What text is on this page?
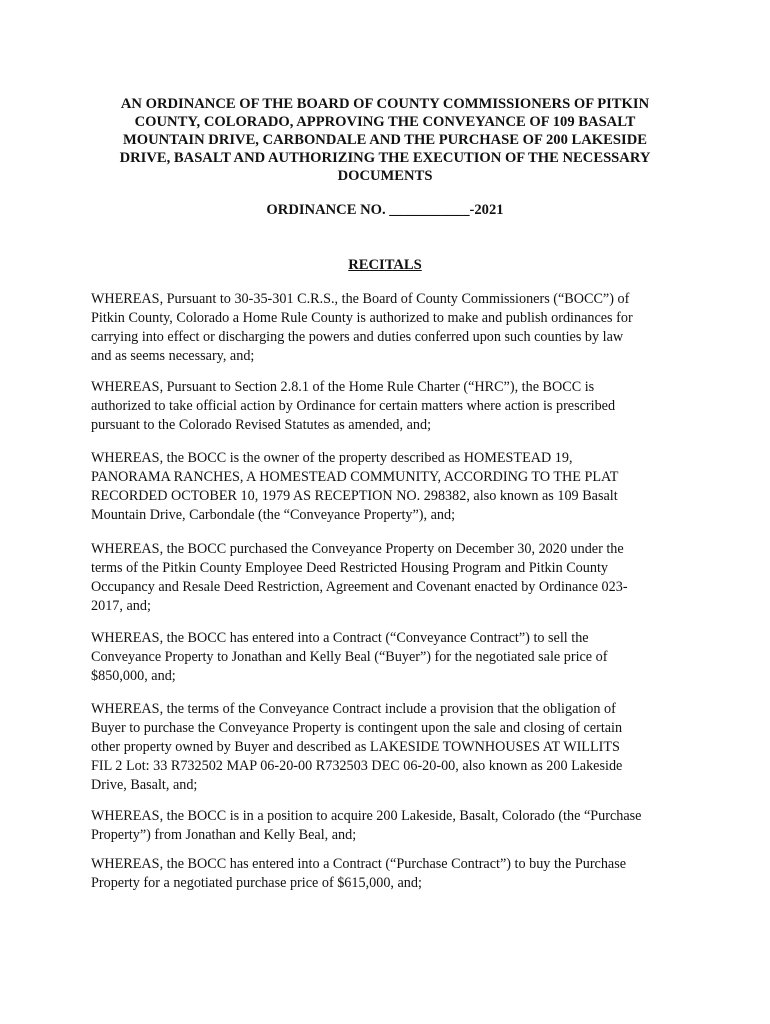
AN ORDINANCE OF THE BOARD OF COUNTY COMMISSIONERS OF PITKIN
COUNTY, COLORADO, APPROVING THE CONVEYANCE OF 109 BASALT
MOUNTAIN DRIVE, CARBONDALE AND THE PURCHASE OF 200 LAKESIDE
DRIVE, BASALT AND AUTHORIZING THE EXECUTION OF THE NECESSARY
DOCUMENTS

ORDINANCE NO. ___________-2021

RECITALS

WHEREAS, Pursuant to 30-35-301 C.R.S., the Board of County Commissioners (“BOCC”) of
Pitkin County, Colorado a Home Rule County is authorized to make and publish ordinances for
carrying into effect or discharging the powers and duties conferred upon such counties by law
and as seems necessary, and;

WHEREAS, Pursuant to Section 2.8.1 of the Home Rule Charter (“HRC”), the BOCC is
authorized to take official action by Ordinance for certain matters where action is prescribed
pursuant to the Colorado Revised Statutes as amended, and;

WHEREAS, the BOCC is the owner of the property described as HOMESTEAD 19,
PANORAMA RANCHES, A HOMESTEAD COMMUNITY, ACCORDING TO THE PLAT
RECORDED OCTOBER 10, 1979 AS RECEPTION NO. 298382, also known as 109 Basalt
Mountain Drive, Carbondale (the “Conveyance Property”), and;

WHEREAS, the BOCC purchased the Conveyance Property on December 30, 2020 under the
terms of the Pitkin County Employee Deed Restricted Housing Program and Pitkin County
Occupancy and Resale Deed Restriction, Agreement and Covenant enacted by Ordinance 023-
2017, and;

WHEREAS, the BOCC has entered into a Contract (“Conveyance Contract”) to sell the
Conveyance Property to Jonathan and Kelly Beal (“Buyer”) for the negotiated sale price of
$850,000, and;

WHEREAS, the terms of the Conveyance Contract include a provision that the obligation of
Buyer to purchase the Conveyance Property is contingent upon the sale and closing of certain
other property owned by Buyer and described as LAKESIDE TOWNHOUSES AT WILLITS
FIL 2 Lot: 33 R732502 MAP 06-20-00 R732503 DEC 06-20-00, also known as 200 Lakeside
Drive, Basalt, and;

WHEREAS, the BOCC is in a position to acquire 200 Lakeside, Basalt, Colorado (the “Purchase
Property”) from Jonathan and Kelly Beal, and;

WHEREAS, the BOCC has entered into a Contract (“Purchase Contract”) to buy the Purchase
Property for a negotiated purchase price of $615,000, and;
